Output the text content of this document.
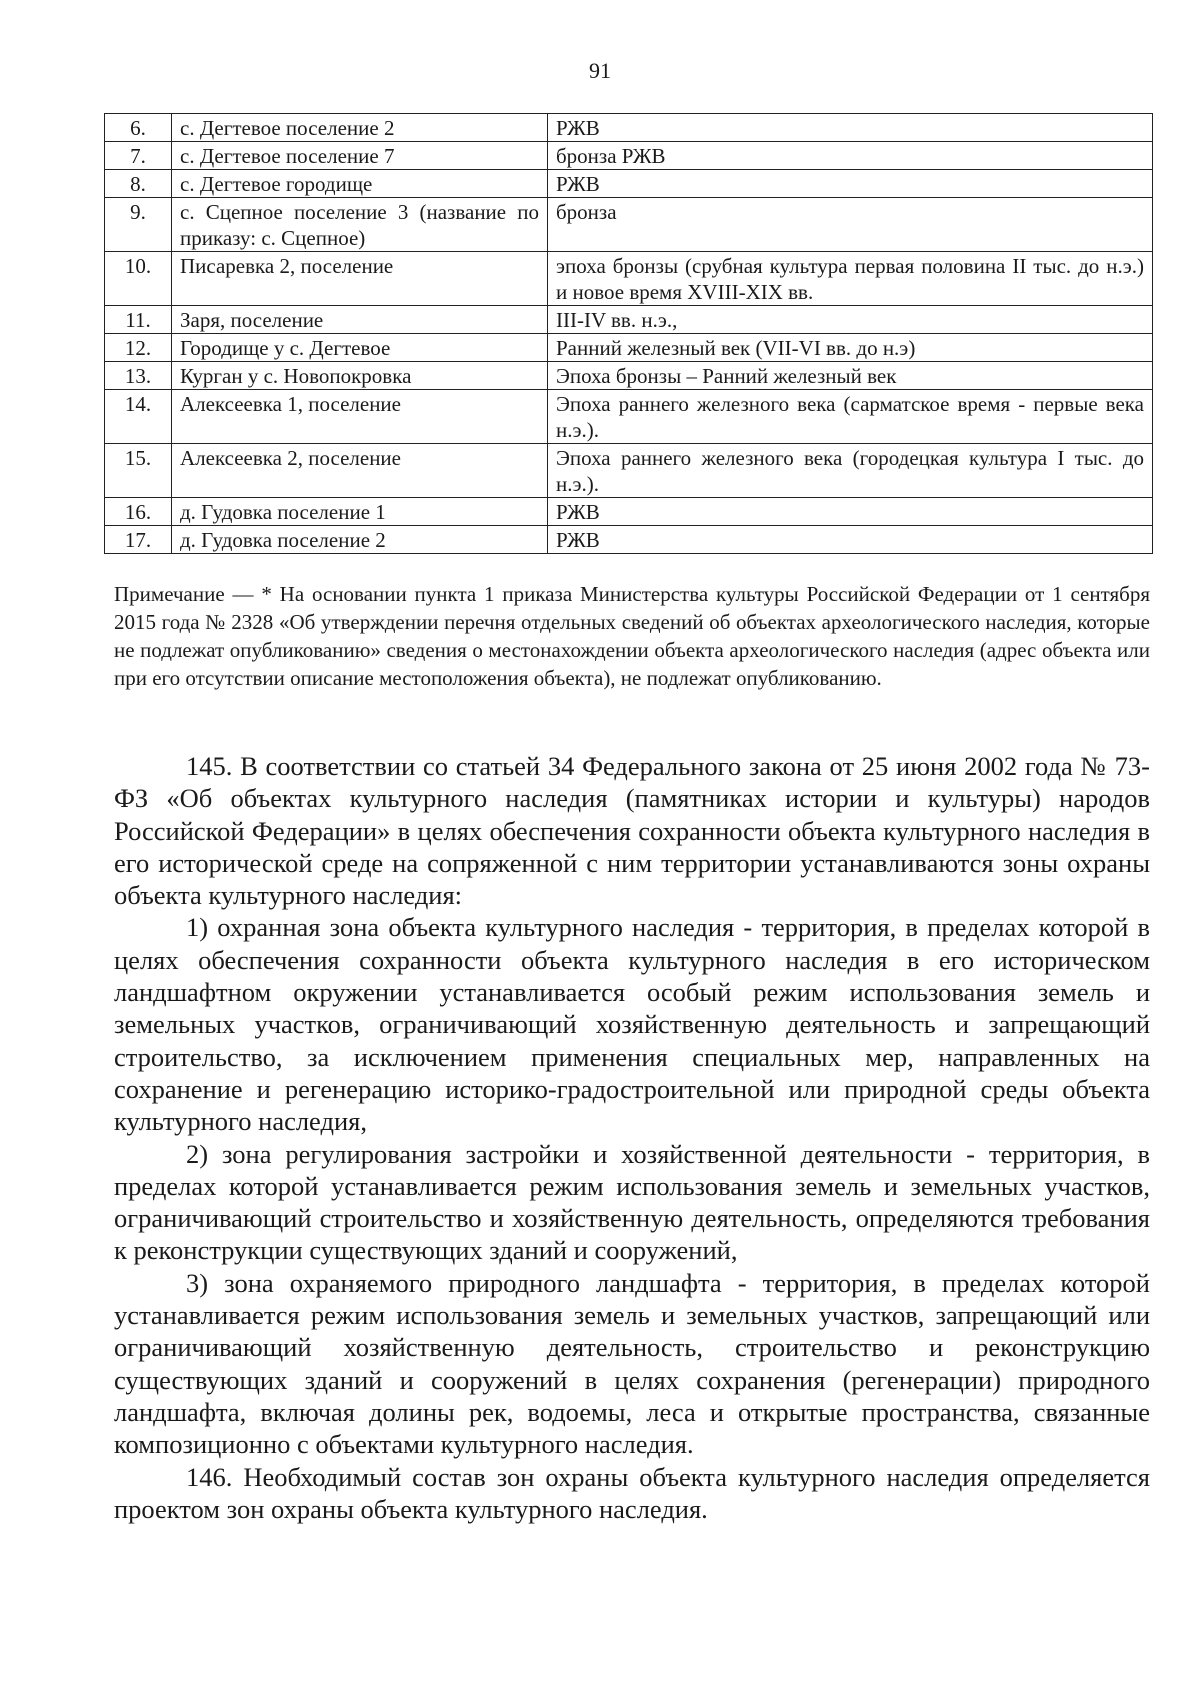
91
6.	с. Дегтевое поселение 2	РЖВ
7.	с. Дегтевое поселение 7	бронза РЖВ
8.	с. Дегтевое городище	РЖВ
9.	с. Сцепное поселение 3 (название по приказу: с. Сцепное)	бронза
10.	Писаревка 2, поселение	эпоха бронзы (срубная культура первая половина II тыс. до н.э.) и новое время XVIII-XIX вв.
11.	Заря, поселение	III-IV вв. н.э.,
12.	Городище у с. Дегтевое	Ранний железный век (VII-VI вв. до н.э)
13.	Курган у с. Новопокровка	Эпоха бронзы – Ранний железный век
14.	Алексеевка 1, поселение	Эпоха раннего железного века (сарматское время - первые века н.э.).
15.	Алексеевка 2, поселение	Эпоха раннего железного века (городецкая культура I тыс. до н.э.).
16.	д. Гудовка поселение 1	РЖВ
17.	д. Гудовка поселение 2	РЖВ
Примечание — * На основании пункта 1 приказа Министерства культуры Российской Федерации от 1 сентября 2015 года № 2328 «Об утверждении перечня отдельных сведений об объектах археологического наследия, которые не подлежат опубликованию» сведения о местонахождении объекта археологического наследия (адрес объекта или при его отсутствии описание местоположения объекта), не подлежат опубликованию.

145. В соответствии со статьей 34 Федерального закона от 25 июня 2002 года № 73-ФЗ «Об объектах культурного наследия (памятниках истории и культуры) народов Российской Федерации» в целях обеспечения сохранности объекта культурного наследия в его исторической среде на сопряженной с ним территории устанавливаются зоны охраны объекта культурного наследия:

1) охранная зона объекта культурного наследия - территория, в пределах которой в целях обеспечения сохранности объекта культурного наследия в его историческом ландшафтном окружении устанавливается особый режим использования земель и земельных участков, ограничивающий хозяйственную деятельность и запрещающий строительство, за исключением применения специальных мер, направленных на сохранение и регенерацию историко-градостроительной или природной среды объекта культурного наследия,

2) зона регулирования застройки и хозяйственной деятельности - территория, в пределах которой устанавливается режим использования земель и земельных участков, ограничивающий строительство и хозяйственную деятельность, определяются требования к реконструкции существующих зданий и сооружений,

3) зона охраняемого природного ландшафта - территория, в пределах которой устанавливается режим использования земель и земельных участков, запрещающий или ограничивающий хозяйственную деятельность, строительство и реконструкцию существующих зданий и сооружений в целях сохранения (регенерации) природного ландшафта, включая долины рек, водоемы, леса и открытые пространства, связанные композиционно с объектами культурного наследия.

146. Необходимый состав зон охраны объекта культурного наследия определяется проектом зон охраны объекта культурного наследия.
